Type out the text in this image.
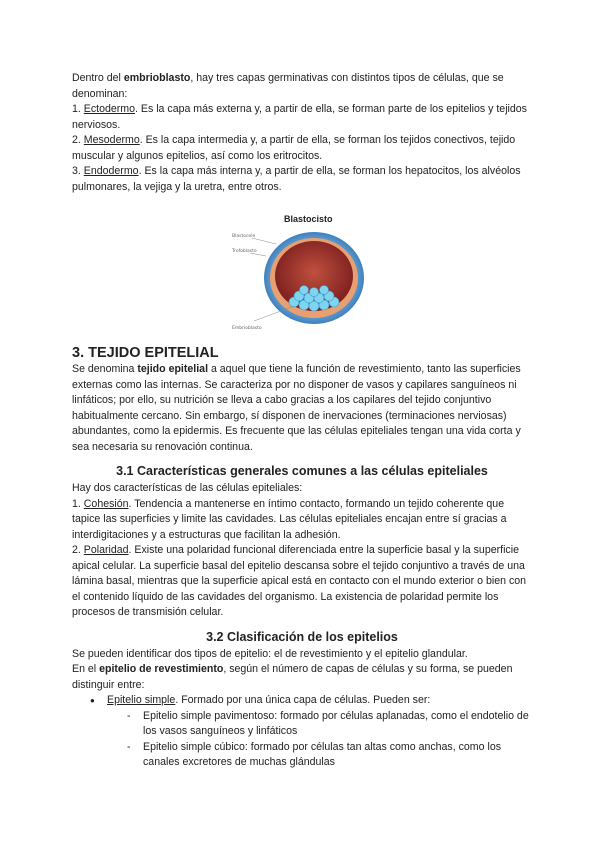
Dentro del embrioblasto, hay tres capas germinativas con distintos tipos de células, que se denominan:

1. Ectodermo. Es la capa más externa y, a partir de ella, se forman parte de los epitelios y tejidos nerviosos.

2. Mesodermo. Es la capa intermedia y, a partir de ella, se forman los tejidos conectivos, tejido muscular y algunos epitelios, así como los eritrocitos.

3. Endodermo. Es la capa más interna y, a partir de ella, se forman los hepatocitos, los alvéolos pulmonares, la vejiga y la uretra, entre otros.

Blastocisto
Blastocele
Trofoblasto
Embrioblasto
3. TEJIDO EPITELIAL

Se denomina tejido epitelial a aquel que tiene la función de revestimiento, tanto las superficies externas como las internas. Se caracteriza por no disponer de vasos y capilares sanguíneos ni linfáticos; por ello, su nutrición se lleva a cabo gracias a los capilares del tejido conjuntivo habitualmente cercano. Sin embargo, sí disponen de inervaciones (terminaciones nerviosas) abundantes, como la epidermis. Es frecuente que las células epiteliales tengan una vida corta y sea necesaria su renovación continua.

3.1 Características generales comunes a las células epiteliales

Hay dos características de las células epiteliales:

1. Cohesión. Tendencia a mantenerse en íntimo contacto, formando un tejido coherente que tapice las superficies y limite las cavidades. Las células epiteliales encajan entre sí gracias a interdigitaciones y a estructuras que facilitan la adhesión.

2. Polaridad. Existe una polaridad funcional diferenciada entre la superficie basal y la superficie apical celular. La superficie basal del epitelio descansa sobre el tejido conjuntivo a través de una lámina basal, mientras que la superficie apical está en contacto con el mundo exterior o bien con el contenido líquido de las cavidades del organismo. La existencia de polaridad permite los procesos de transmisión celular.

3.2 Clasificación de los epitelios

Se pueden identificar dos tipos de epitelio: el de revestimiento y el epitelio glandular.

En el epitelio de revestimiento, según el número de capas de células y su forma, se pueden distinguir entre:

● Epitelio simple. Formado por una única capa de células. Pueden ser:
- Epitelio simple pavimentoso: formado por células aplanadas, como el endotelio de los vasos sanguíneos y linfáticos
- Epitelio simple cúbico: formado por células tan altas como anchas, como los canales excretores de muchas glándulas
